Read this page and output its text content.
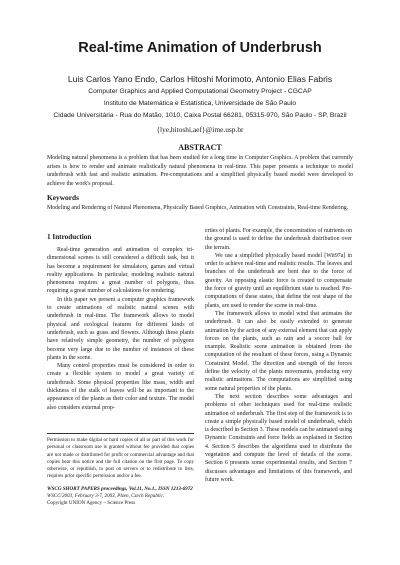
Real-time Animation of Underbrush
Luis Carlos Yano Endo, Carlos Hitoshi Morimoto, Antonio Elias Fabris
Computer Graphics and Applied Computational Geometry Project - CGCAP
Instituto de Matemática e Estatística, Universidade de São Paulo
Cidade Universitária - Rua do Matão, 1010, Caixa Postal 66281, 05315-970, São Paulo - SP, Brazil
{lye,hitoshi,aef}@ime.usp.br
ABSTRACT
Modeling natural phenomena is a problem that has been studied for a long time in Computer Graphics. A problem that currently arises is how to render and animate realistically natural phenomena in real-time. This paper presents a technique to model underbrush with fast and realistic animation. Pre-computations and a simplified physically based model were developed to achieve the work's proposal.
Keywords
Modeling and Rendering of Natural Phenomena, Physically Based Graphics, Animation with Constraints, Real-time Rendering.
1 Introduction

Real-time generation and animation of complex tri-dimensional scenes is still considered a difficult task, but it has become a requirement for simulators, games and virtual reality applications. In particular, modeling realistic natural phenomena requires a great number of polygons, thus requiring a great number of calculations for rendering.

In this paper we present a computer graphics framework to create animations of realistic natural scenes with underbrush in real-time. The framework allows to model physical and ecological features for different kinds of underbrush, such as grass and flowers. Although these plants have relatively simple geometry, the number of polygons become very large due to the number of instances of these plants in the scene.

Many control properties must be considered in order to create a flexible system to model a great variety of underbrush. Some physical properties like mass, width and thickness of the stalk of leaves will be as important to the appearance of the plants as their color and texture. The model also considers external prop-

Permission to make digital or hard copies of all or part of this work for personal or classroom use is granted without fee provided that copies are not made or distributed for profit or commercial advantage and that copies bear this notice and the full citation on the first page. To copy otherwise, or republish, to post on servers or to redistribute to lists, requires prior specific permission and/or a fee.

WSCG SHORT PAPERS proceedings, Vol.11, No.1., ISSN 1213-6972

WSCG'2003, February 3-7, 2003, Plzen, Czech Republic.

Copyright UNION Agency – Science Press

erties of plants. For example, the concentration of nutrients on the ground is used to define the underbrush distribution over the terrain.

We use a simplified physically based model [Wit97a] in order to achieve real-time and realistic results. The leaves and branches of the underbrush are bent due to the force of gravity. An opposing elastic force is created to compensate the force of gravity until an equilibrium state is reached. Pre-computations of these states, that define the rest shape of the plants, are used to render the scene in real-time.

The framework allows to model wind that animates the underbrush. It can also be easily extended to generate animation by the action of any external element that can apply forces on the plants, such as rain and a soccer ball for example. Realistic scene animation is obtained from the computation of the resultant of these forces, using a Dynamic Constraint Model. The direction and strength of the forces define the velocity of the plants movements, producing very realistic animations. The computations are simplified using some natural properties of the plants.

The next section describes some advantages and problems of other techniques used for real-time realistic animation of underbrush. The first step of the framework is to create a simple physically based model of underbrush, which is described in Section 3. These models can be animated using Dynamic Constraints and force fields as explained in Section 4. Section 5 describes the algorithms used to distribute the vegetation and compute the level of details of the scene. Section 6 presents some experimental results, and Section 7 discusses advantages and limitations of this framework, and future work.
